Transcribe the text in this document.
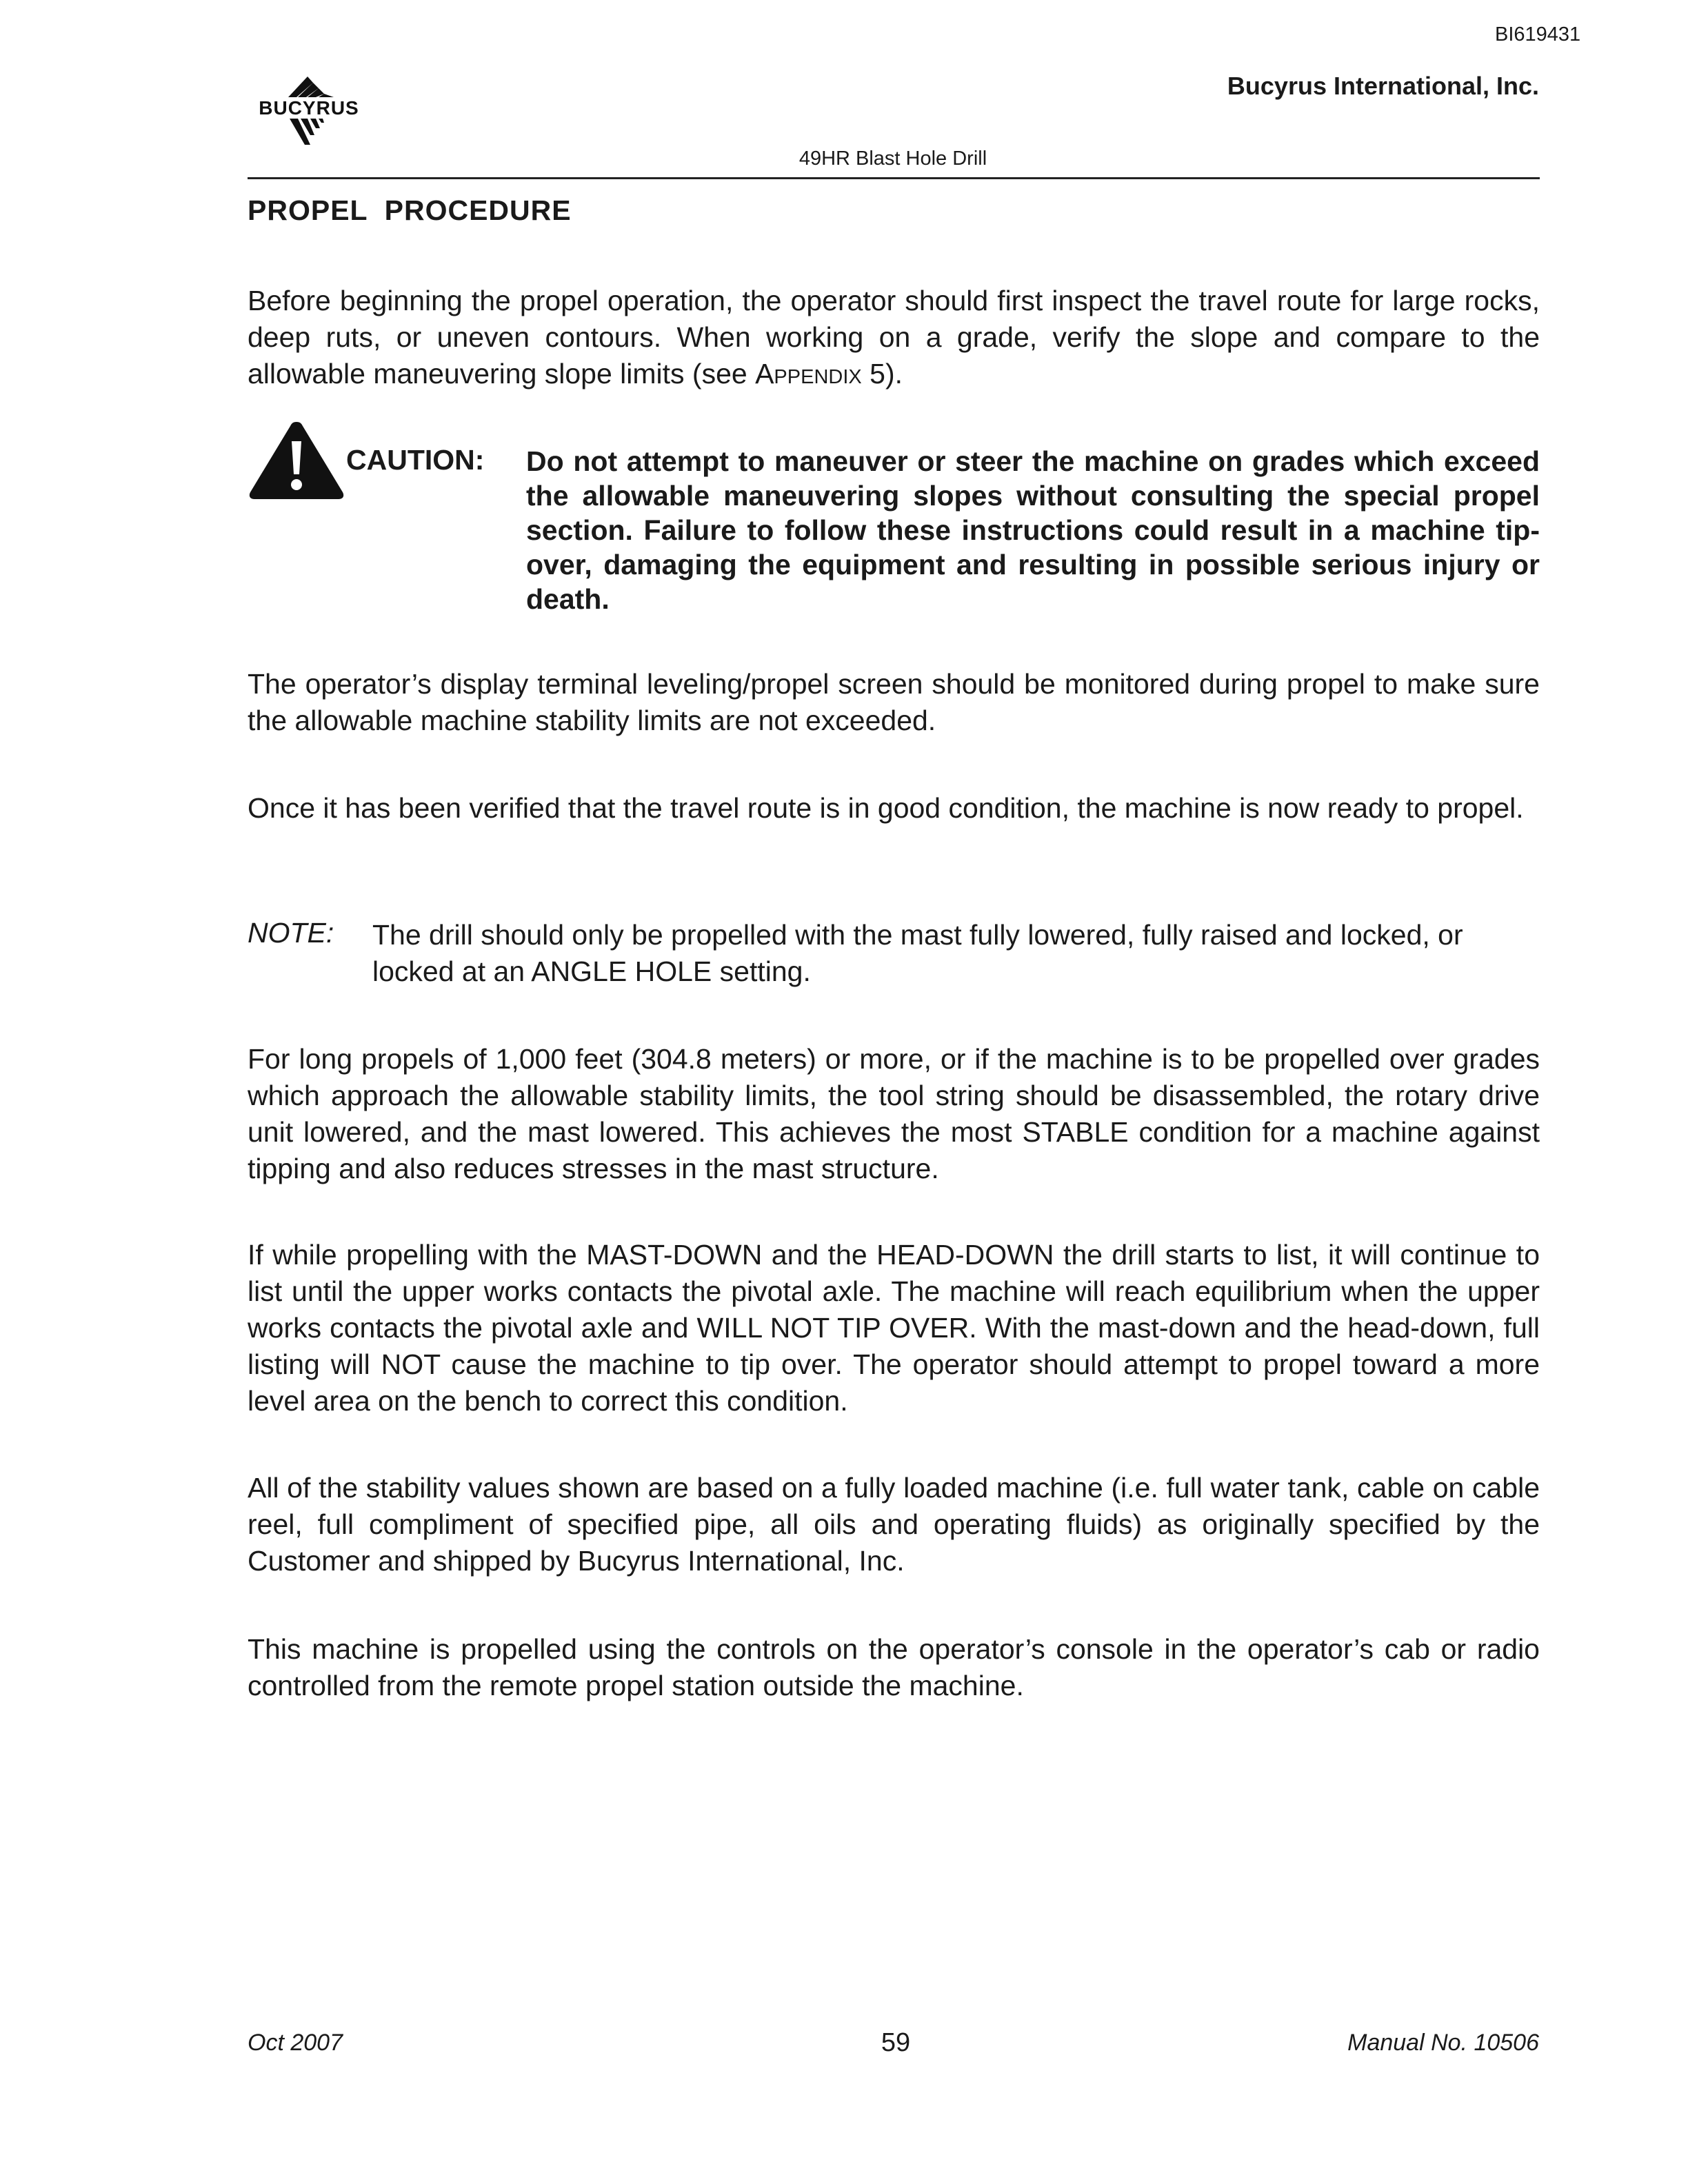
BI619431
BUCYRUS
Bucyrus International, Inc.
49HR Blast Hole Drill
PROPEL  PROCEDURE
Before beginning the propel operation, the operator should first inspect the travel route for large rocks, deep ruts, or uneven contours. When working on a grade, verify the slope and compare to the allowable maneuvering slope limits (see Appendix 5).
CAUTION: Do not attempt to maneuver or steer the machine on grades which exceed the allowable maneuvering slopes without consulting the special propel section. Failure to follow these instructions could result in a machine tip-over, damaging the equipment and resulting in possible serious injury or death.
The operator’s display terminal leveling/propel screen should be monitored during propel to make sure the allowable machine stability limits are not exceeded.
Once it has been verified that the travel route is in good condition, the machine is now ready to propel.
NOTE: The drill should only be propelled with the mast fully lowered, fully raised and locked, or locked at an ANGLE HOLE setting.
For long propels of 1,000 feet (304.8 meters) or more, or if the machine is to be propelled over grades which approach the allowable stability limits, the tool string should be disassembled, the rotary drive unit lowered, and the mast lowered. This achieves the most STABLE condition for a machine against tipping and also reduces stresses in the mast structure.
If while propelling with the MAST-DOWN and the HEAD-DOWN the drill starts to list, it will continue to list until the upper works contacts the pivotal axle. The machine will reach equilibrium when the upper works contacts the pivotal axle and WILL NOT TIP OVER. With the mast-down and the head-down, full listing will NOT cause the machine to tip over. The operator should attempt to propel toward a more level area on the bench to correct this condition.
All of the stability values shown are based on a fully loaded machine (i.e. full water tank, cable on cable reel, full compliment of specified pipe, all oils and operating fluids) as originally specified by the Customer and shipped by Bucyrus International, Inc.
This machine is propelled using the controls on the operator’s console in the operator’s cab or radio controlled from the remote propel station outside the machine.
Oct 2007	59	Manual No. 10506
